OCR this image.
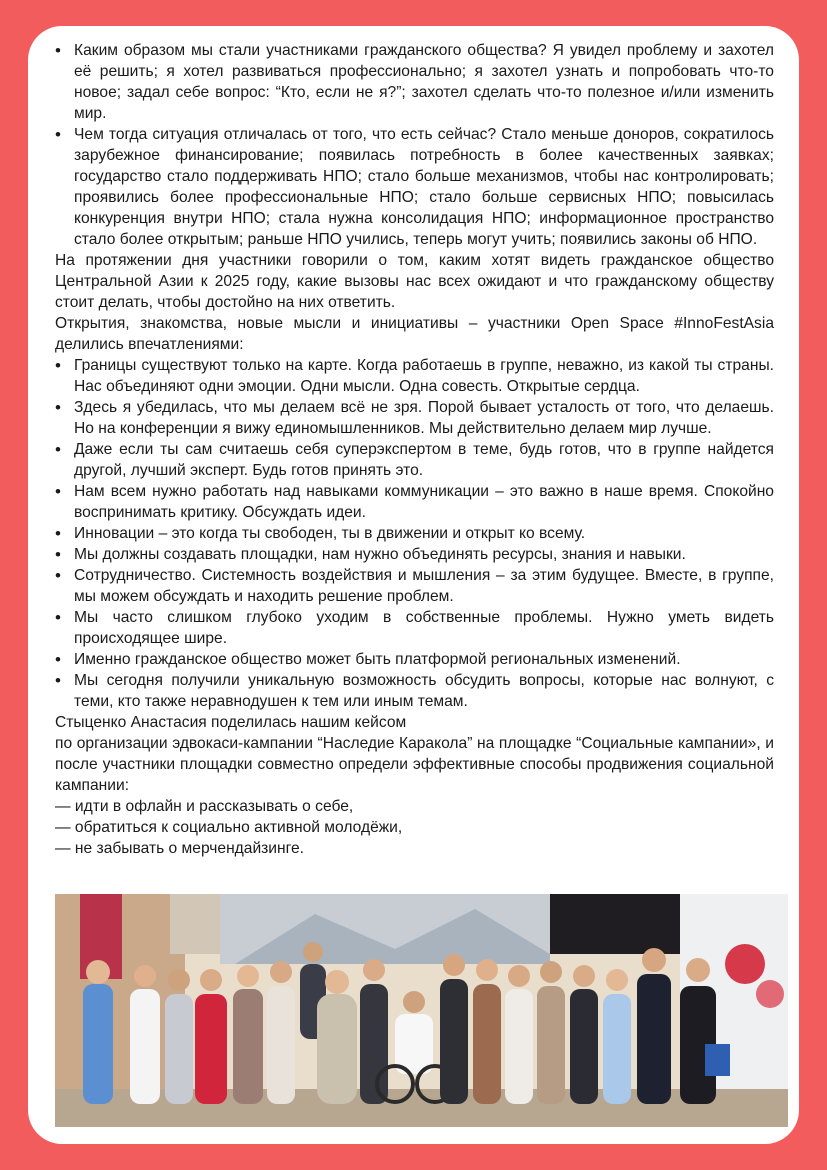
• Каким образом мы стали участниками гражданского общества? Я увидел проблему и захотел её решить; я хотел развиваться профессионально; я захотел узнать и попробовать что-то новое; задал себе вопрос: “Кто, если не я?”; захотел сделать что-то полезное и/или изменить мир.
• Чем тогда ситуация отличалась от того, что есть сейчас? Стало меньше доноров, сократилось зарубежное финансирование; появилась потребность в более качественных заявках; государство стало поддерживать НПО; стало больше механизмов, чтобы нас контролировать; проявились более профессиональные НПО; стало больше сервисных НПО; повысилась конкуренция внутри НПО; стала нужна консолидация НПО; информационное пространство стало более открытым; раньше НПО учились, теперь могут учить; появились законы об НПО.

На протяжении дня участники говорили о том, каким хотят видеть гражданское общество Центральной Азии к 2025 году, какие вызовы нас всех ожидают и что гражданскому обществу стоит делать, чтобы достойно на них ответить.

Открытия, знакомства, новые мысли и инициативы – участники Open Space #InnoFestAsia делились впечатлениями:

• Границы существуют только на карте. Когда работаешь в группе, неважно, из какой ты страны. Нас объединяют одни эмоции. Одни мысли. Одна совесть. Открытые сердца.
• Здесь я убедилась, что мы делаем всё не зря. Порой бывает усталость от того, что делаешь. Но на конференции я вижу единомышленников. Мы действительно делаем мир лучше.
• Даже если ты сам считаешь себя суперэкспертом в теме, будь готов, что в группе найдется другой, лучший эксперт. Будь готов принять это.
• Нам всем нужно работать над навыками коммуникации – это важно в наше время. Спокойно воспринимать критику. Обсуждать идеи.
• Инновации – это когда ты свободен, ты в движении и открыт ко всему.
• Мы должны создавать площадки, нам нужно объединять ресурсы, знания и навыки.
• Сотрудничество. Системность воздействия и мышления – за этим будущее. Вместе, в группе, мы можем обсуждать и находить решение проблем.
• Мы часто слишком глубоко уходим в собственные проблемы. Нужно уметь видеть происходящее шире.
• Именно гражданское общество может быть платформой региональных изменений.
• Мы сегодня получили уникальную возможность обсудить вопросы, которые нас волнуют, с теми, кто также неравнодушен к тем или иным темам.

Стыценко Анастасия поделилась нашим кейсом

по организации эдвокаси-кампании “Наследие Каракола” на площадке “Социальные кампании», и после участники площадки совместно определи эффективные способы продвижения социальной кампании:

— идти в офлайн и рассказывать о себе,

— обратиться к социально активной молодёжи,

— не забывать о мерчендайзинге.
